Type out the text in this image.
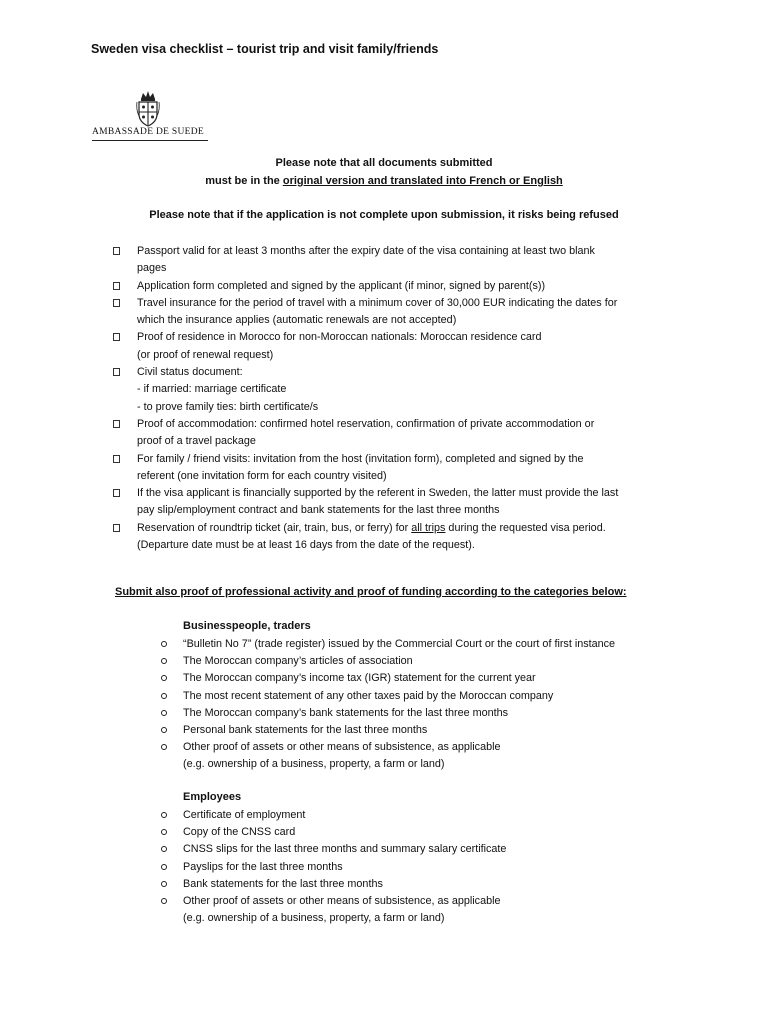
Sweden visa checklist – tourist trip and visit family/friends
AMBASSADE DE SUEDE
Please note that all documents submitted
must be in the original version and translated into French or English
Please note that if the application is not complete upon submission, it risks being refused
Passport valid for at least 3 months after the expiry date of the visa containing at least two blank
pages
Application form completed and signed by the applicant (if minor, signed by parent(s))
Travel insurance for the period of travel with a minimum cover of 30,000 EUR indicating the dates for
which the insurance applies (automatic renewals are not accepted)
Proof of residence in Morocco for non-Moroccan nationals: Moroccan residence card
(or proof of renewal request)
Civil status document:
- if married: marriage certificate
- to prove family ties: birth certificate/s
Proof of accommodation: confirmed hotel reservation, confirmation of private accommodation or
proof of a travel package
For family / friend visits: invitation from the host (invitation form), completed and signed by the
referent (one invitation form for each country visited)
If the visa applicant is financially supported by the referent in Sweden, the latter must provide the last
pay slip/employment contract and bank statements for the last three months
Reservation of roundtrip ticket (air, train, bus, or ferry) for all trips during the requested visa period.
(Departure date must be at least 16 days from the date of the request).
Submit also proof of professional activity and proof of funding according to the categories below:
Businesspeople, traders
“Bulletin No 7” (trade register) issued by the Commercial Court or the court of first instance
The Moroccan company’s articles of association
The Moroccan company’s income tax (IGR) statement for the current year
The most recent statement of any other taxes paid by the Moroccan company
The Moroccan company’s bank statements for the last three months
Personal bank statements for the last three months
Other proof of assets or other means of subsistence, as applicable
(e.g. ownership of a business, property, a farm or land)
Employees
Certificate of employment
Copy of the CNSS card
CNSS slips for the last three months and summary salary certificate
Payslips for the last three months
Bank statements for the last three months
Other proof of assets or other means of subsistence, as applicable
(e.g. ownership of a business, property, a farm or land)
